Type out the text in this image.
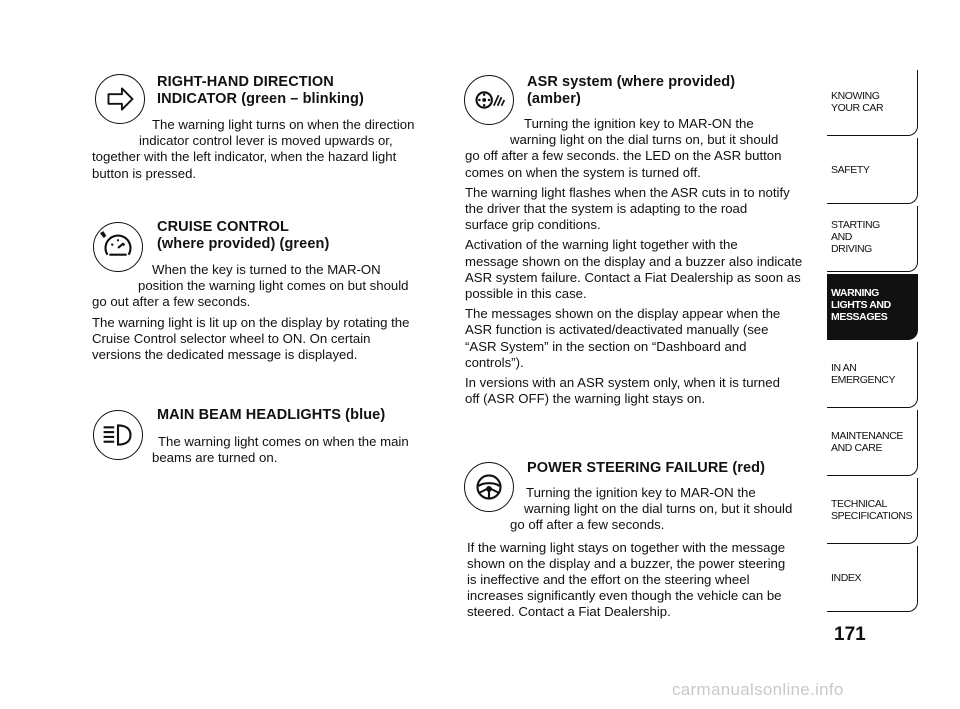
RIGHT-HAND DIRECTION
INDICATOR (green – blinking)
The warning light turns on when the direction
indicator control lever is moved upwards or,
together with the left indicator, when the hazard light
button is pressed.
CRUISE CONTROL
(where provided) (green)
When the key is turned to the MAR-ON
position the warning light comes on but should
go out after a few seconds.
The warning light is lit up on the display by rotating the
Cruise Control selector wheel to ON. On certain
versions the dedicated message is displayed.
MAIN BEAM HEADLIGHTS (blue)
The warning light comes on when the main
beams are turned on.
ASR system (where provided)
(amber)
Turning the ignition key to MAR-ON the
warning light on the dial turns on, but it should
go off after a few seconds. the LED on the ASR button
comes on when the system is turned off.
The warning light flashes when the ASR cuts in to notify
the driver that the system is adapting to the road
surface grip conditions.
Activation of the warning light together with the
message shown on the display and a buzzer also indicate
ASR system failure. Contact a Fiat Dealership as soon as
possible in this case.
The messages shown on the display appear when the
ASR function is activated/deactivated manually (see
“ASR System” in the section on “Dashboard and
controls”).
In versions with an ASR system only, when it is turned
off (ASR OFF) the warning light stays on.
POWER STEERING FAILURE (red)
Turning the ignition key to MAR-ON the
warning light on the dial turns on, but it should
go off after a few seconds.
If the warning light stays on together with the message
shown on the display and a buzzer, the power steering
is ineffective and the effort on the steering wheel
increases significantly even though the vehicle can be
steered. Contact a Fiat Dealership.
KNOWING
YOUR CAR
SAFETY
STARTING
AND
DRIVING
WARNING
LIGHTS AND
MESSAGES
IN AN
EMERGENCY
MAINTENANCE
AND CARE
TECHNICAL
SPECIFICATIONS
INDEX
171
carmanualsonline.info
